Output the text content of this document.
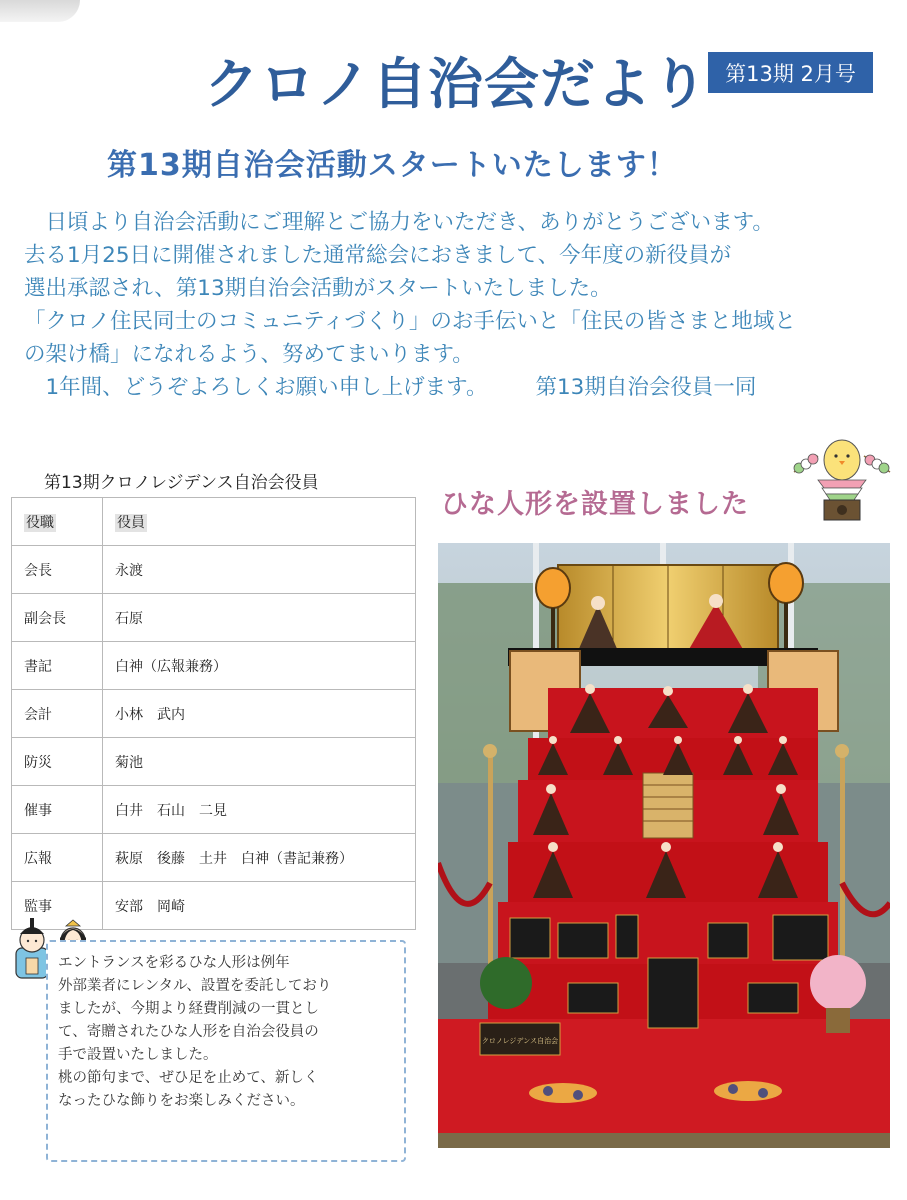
クロノ自治会だより 第13期 2月号
第13期自治会活動スタートいたします！

　日頃より自治会活動にご理解とご協力をいただき、ありがとうございます。

去る1月25日に開催されました通常総会におきまして、今年度の新役員が

選出承認され、第13期自治会活動がスタートいたしました。

「クロノ住民同士のコミュニティづくり」のお手伝いと「住民の皆さまと地域と

の架け橋」になれるよう、努めてまいります。

　1年間、どうぞよろしくお願い申し上げます。 第13期自治会役員一同

第13期クロノレジデンス自治会役員
役職	役員
会長	永渡
副会長	石原
書記	白神（広報兼務）
会計	小林　武内
防災	菊池
催事	白井　石山　二見
広報	萩原　後藤　土井　白神（書記兼務）
監事	安部　岡崎

エントランスを彩るひな人形は例年

外部業者にレンタル、設置を委託しており

ましたが、今期より経費削減の一貫とし

て、寄贈されたひな人形を自治会役員の

手で設置いたしました。

桃の節句まで、ぜひ足を止めて、新しく

なったひな飾りをお楽しみください。

ひな人形を設置しました
クロノレジデンス自治会
